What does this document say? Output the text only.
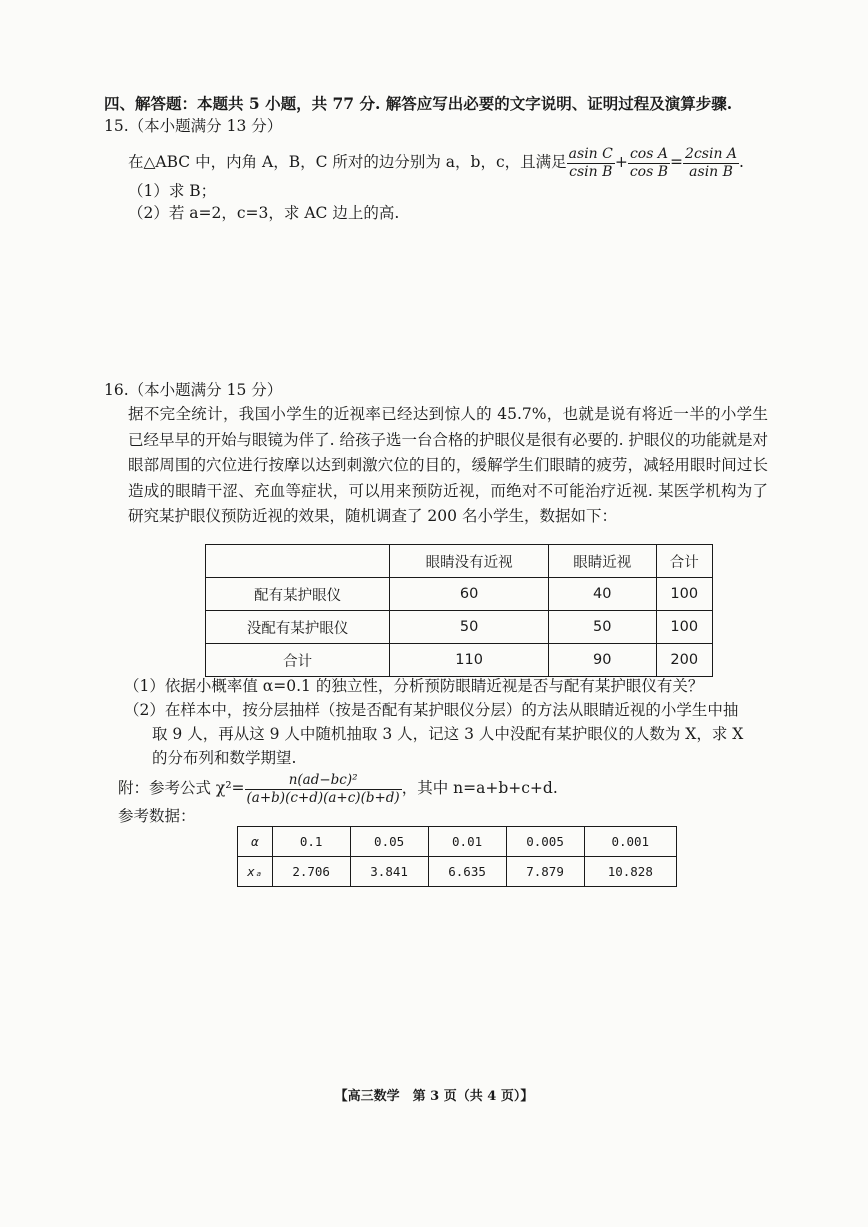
四、解答题：本题共 5 小题，共 77 分. 解答应写出必要的文字说明、证明过程及演算步骤.
15.（本小题满分 13 分）
在△ABC 中，内角 A，B，C 所对的边分别为 a，b，c，且满足 $\frac{\text{asin C}}{\text{csin B}} + \frac{\text{cos A}}{\text{cos B}} = \frac{\text{2csin A}}{\text{asin B}}$ .
（1）求 B；
（2）若 a=2，c=3，求 AC 边上的高.
16.（本小题满分 15 分）
据不完全统计，我国小学生的近视率已经达到惊人的 45.7%，也就是说有将近一半的小学生已经早早的开始与眼镜为伴了. 给孩子选一台合格的护眼仪是很有必要的. 护眼仪的功能就是对眼部周围的穴位进行按摩以达到刺激穴位的目的，缓解学生们眼睛的疲劳，减轻用眼时间过长造成的眼睛干涩、充血等症状，可以用来预防近视，而绝对不可能治疗近视. 某医学机构为了研究某护眼仪预防近视的效果，随机调查了 200 名小学生，数据如下：
	眼睛没有近视	眼睛近视	合计
配有某护眼仪	60	40	100
没配有某护眼仪	50	50	100
合计	110	90	200
（1）依据小概率值 α=0.1 的独立性，分析预防眼睛近视是否与配有某护眼仪有关？
（2）在样本中，按分层抽样（按是否配有某护眼仪分层）的方法从眼睛近视的小学生中抽
取 9 人，再从这 9 人中随机抽取 3 人，记这 3 人中没配有某护眼仪的人数为 X，求 X
的分布列和数学期望.
附：参考公式 $\chi^2= \frac{\text{n(ad−bc)²}}{(a+b)(c+d)(a+c)(b+d)}$ ，其中 n=a+b+c+d.
参考数据：
α	0.1	0.05	0.01	0.005	0.001
xₐ	2.706	3.841	6.635	7.879	10.828
【高三数学　第 3 页（共 4 页）】
